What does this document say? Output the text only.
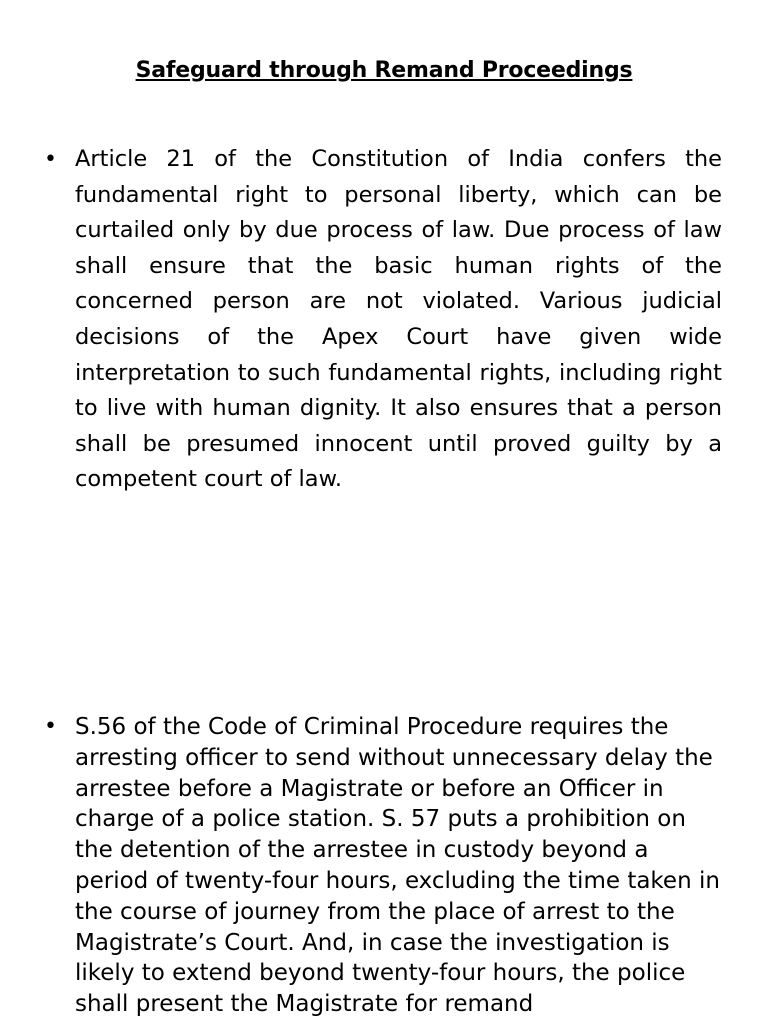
Safeguard through Remand Proceedings
• Article 21 of the Constitution of India confers the fundamental right to personal liberty, which can be curtailed only by due process of law. Due process of law shall ensure that the basic human rights of the concerned person are not violated. Various judicial decisions of the Apex Court have given wide interpretation to such fundamental rights, including right to live with human dignity. It also ensures that a person shall be presumed innocent until proved guilty by a competent court of law.
• S.56 of the Code of Criminal Procedure requires the arresting officer to send without unnecessary delay the arrestee before a Magistrate or before an Officer in charge of a police station. S. 57 puts a prohibition on the detention of the arrestee in custody beyond a period of twenty-four hours, excluding the time taken in the course of journey from the place of arrest to the Magistrate’s Court. And, in case the investigation is likely to extend beyond twenty-four hours, the police shall present the Magistrate for remand
